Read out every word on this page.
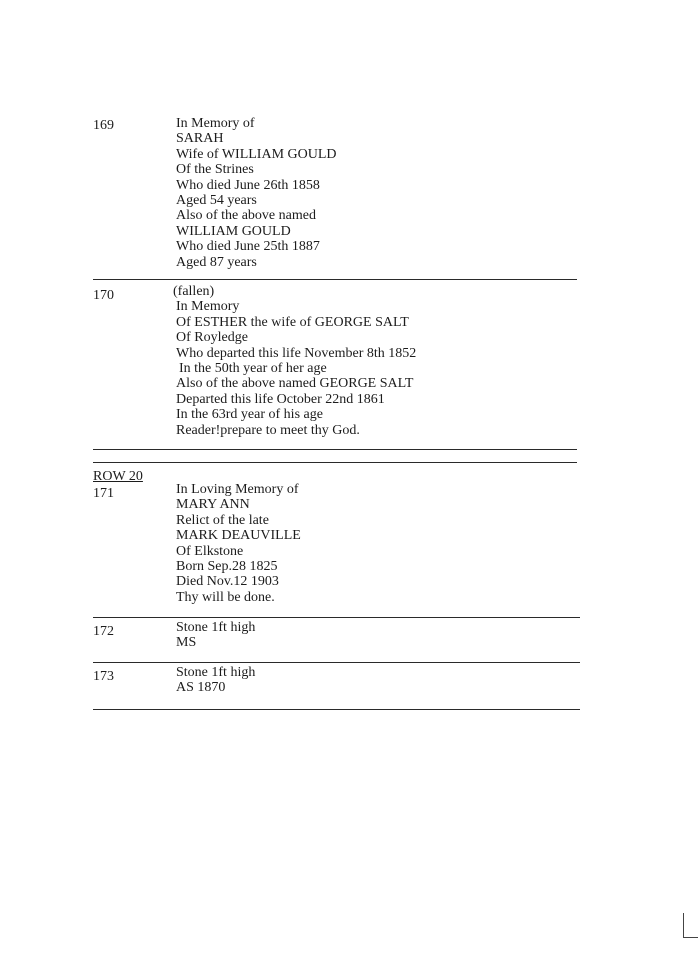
169	In Memory of
SARAH
Wife of WILLIAM GOULD
Of the Strines
Who died June 26th 1858
Aged 54 years
Also of the above named
WILLIAM GOULD
Who died June 25th 1887
Aged 87 years
170	(fallen)
In Memory
Of ESTHER the wife of GEORGE SALT
Of Royledge
Who departed this life November 8th 1852
In the 50th year of her age
Also of the above named GEORGE SALT
Departed this life October 22nd 1861
In the 63rd year of his age
Reader!prepare to meet thy God.
ROW 20
171	In Loving Memory of
MARY ANN
Relict of the late
MARK DEAUVILLE
Of Elkstone
Born Sep.28 1825
Died Nov.12 1903
Thy will be done.
172	Stone 1ft high
MS
173	Stone 1ft high
AS 1870
